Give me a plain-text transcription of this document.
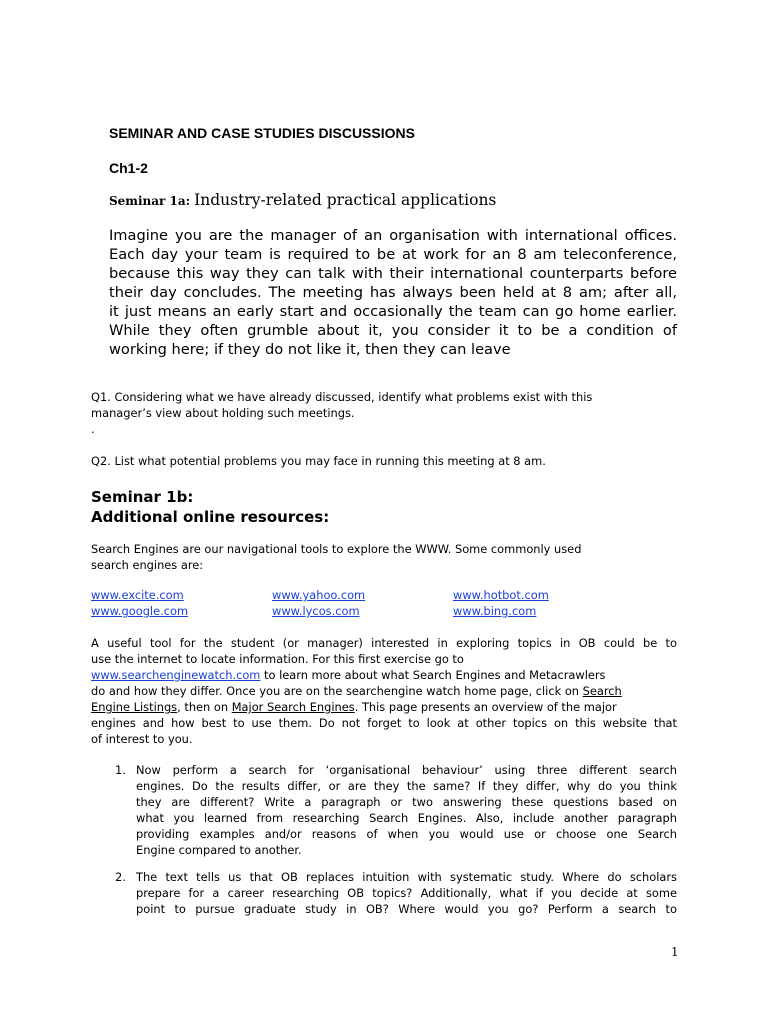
SEMINAR AND CASE STUDIES DISCUSSIONS
Ch1-2
Seminar 1a: Industry-related practical applications
Imagine you are the manager of an organisation with international offices.
Each day your team is required to be at work for an 8 am teleconference,
because this way they can talk with their international counterparts before
their day concludes. The meeting has always been held at 8 am; after all,
it just means an early start and occasionally the team can go home earlier.
While they often grumble about it, you consider it to be a condition of
working here; if they do not like it, then they can leave
Q1. Considering what we have already discussed, identify what problems exist with this
manager’s view about holding such meetings.
.
Q2. List what potential problems you may face in running this meeting at 8 am.
Seminar 1b:
Additional online resources:
Search Engines are our navigational tools to explore the WWW. Some commonly used
search engines are:
www.excite.com	www.yahoo.com	www.hotbot.com
www.google.com	www.lycos.com	www.bing.com
A useful tool for the student (or manager) interested in exploring topics in OB could be to
use the internet to locate information. For this first exercise go to
www.searchenginewatch.com to learn more about what Search Engines and Metacrawlers
do and how they differ. Once you are on the searchengine watch home page, click on Search
Engine Listings, then on Major Search Engines. This page presents an overview of the major
engines and how best to use them. Do not forget to look at other topics on this website that
of interest to you.
1. Now perform a search for ‘organisational behaviour’ using three different search
engines. Do the results differ, or are they the same? If they differ, why do you think
they are different? Write a paragraph or two answering these questions based on
what you learned from researching Search Engines. Also, include another paragraph
providing examples and/or reasons of when you would use or choose one Search
Engine compared to another.
2. The text tells us that OB replaces intuition with systematic study. Where do scholars
prepare for a career researching OB topics? Additionally, what if you decide at some
point to pursue graduate study in OB? Where would you go? Perform a search to
1
